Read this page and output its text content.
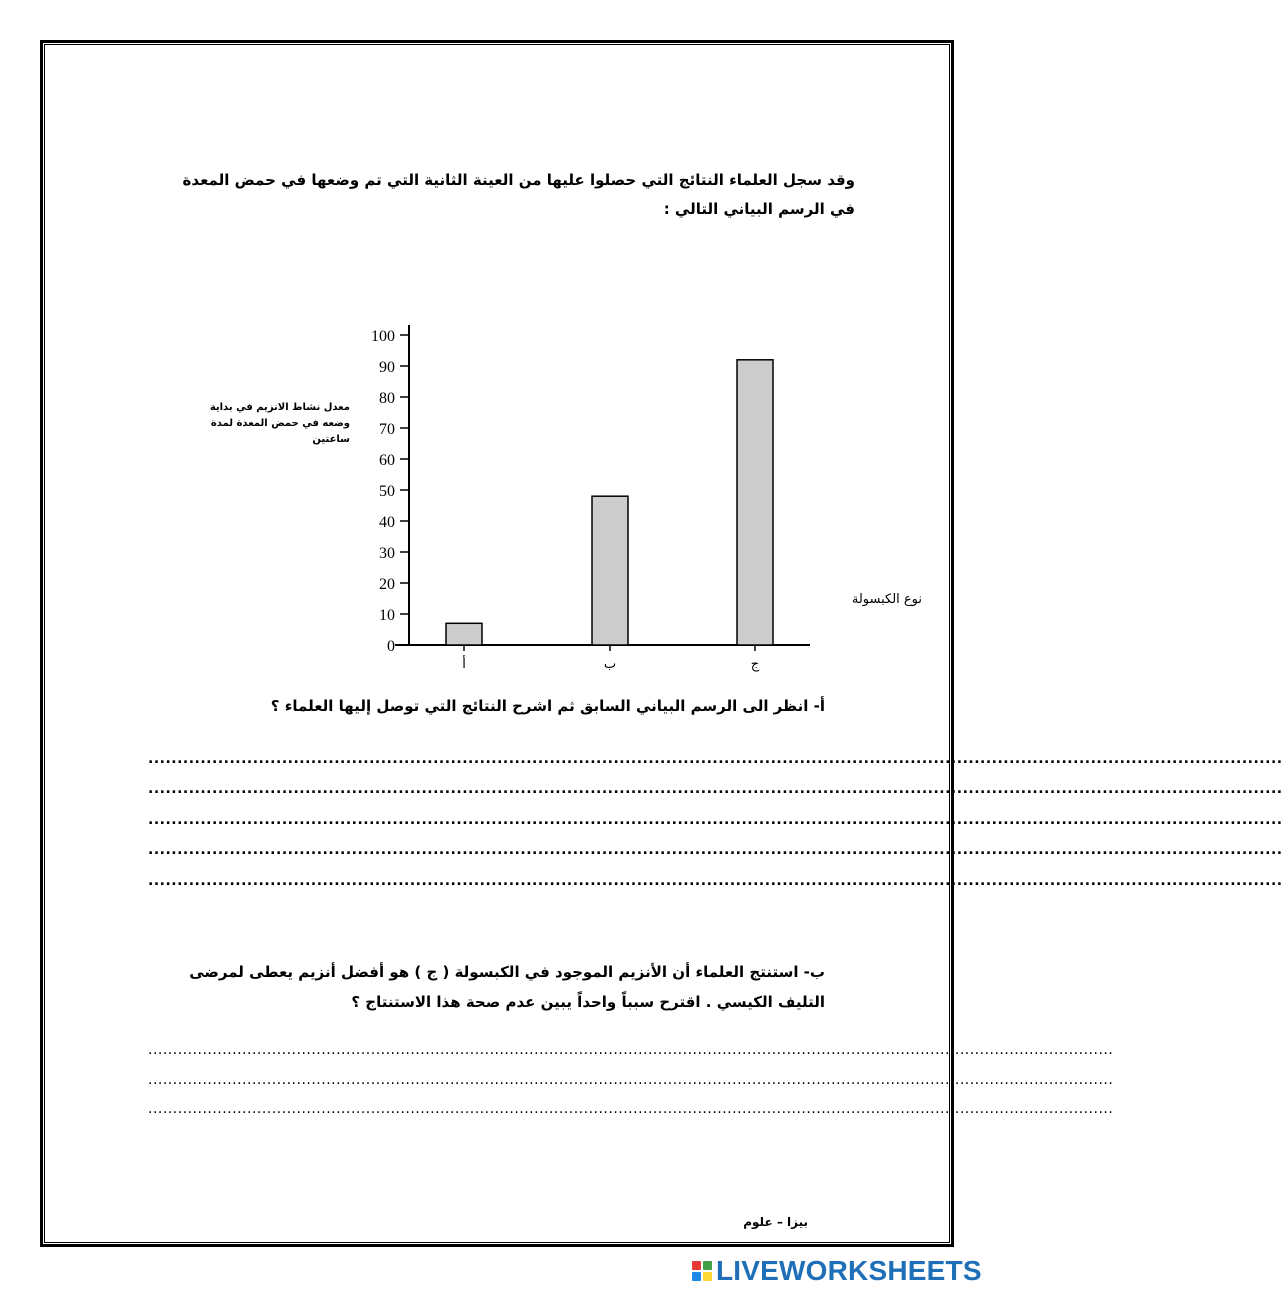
وقد سجل العلماء النتائج التي حصلوا عليها من العينة الثانية التي تم وضعها في حمض المعدة في الرسم البياني التالي :
معدل نشاط الانزيم في بداية وضعه في حمض المعدة لمدة ساعتين
0
10
20
30
40
50
60
70
80
90
100
أ	ب	ج
نوع الكبسولة
أ- انظر الى الرسم البياني السابق ثم اشرح النتائج التي توصل إليها العلماء ؟
...................................................................................................................................................................................................
...................................................................................................................................................................................................
...................................................................................................................................................................................................
...................................................................................................................................................................................................
...................................................................................................................................................................................................
ب- استنتج العلماء أن الأنزيم الموجود في الكبسولة ( ج ) هو أفضل أنزيم يعطى لمرضى التليف الكيسي . اقترح سبباً واحداً يبين عدم صحة هذا الاستنتاج ؟
...................................................................................................................................................................................................
...................................................................................................................................................................................................
...................................................................................................................................................................................................
بيزا – علوم
LIVEWORKSHEETS
